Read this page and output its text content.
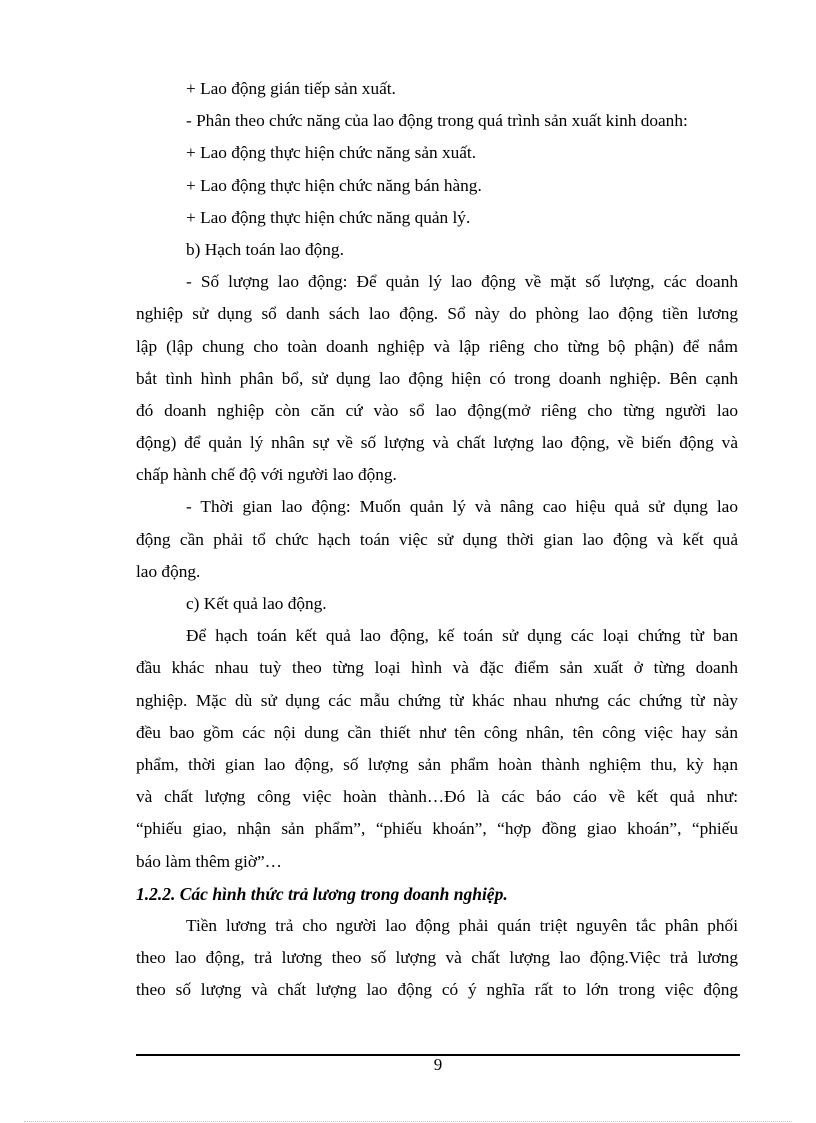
+ Lao động gián tiếp sản xuất.
- Phân theo chức năng của lao động trong quá trình sản xuất kinh doanh:
+ Lao động thực hiện chức năng sản xuất.
+ Lao động thực hiện chức năng bán hàng.
+ Lao động thực hiện chức năng quản lý.
b) Hạch toán lao động.
- Số lượng lao động: Để quản lý lao động về mặt số lượng, các doanh
nghiệp sử dụng sổ danh sách lao động. Sổ này do phòng lao động tiền lương
lập (lập chung cho toàn doanh nghiệp và lập riêng cho từng bộ phận) để nắm
bắt tình hình phân bổ, sử dụng lao động hiện có trong doanh nghiệp. Bên cạnh
đó doanh nghiệp còn căn cứ vào sổ lao động(mở riêng cho từng người lao
động) để quản lý nhân sự về số lượng và chất lượng lao động, về biến động và
chấp hành chế độ với người lao động.
- Thời gian lao động: Muốn quản lý và nâng cao hiệu quả sử dụng lao
động cần phải tổ chức hạch toán việc sử dụng thời gian lao động và kết quả
lao động.
c) Kết quả lao động.
Để hạch toán kết quả lao động, kế toán sử dụng các loại chứng từ ban
đầu khác nhau tuỳ theo từng loại hình và đặc điểm sản xuất ở từng doanh
nghiệp. Mặc dù sử dụng các mẫu chứng từ khác nhau nhưng các chứng từ này
đều bao gồm các nội dung cần thiết như tên công nhân, tên công việc hay sản
phẩm, thời gian lao động, số lượng sản phẩm hoàn thành nghiệm thu, kỳ hạn
và chất lượng công việc hoàn thành…Đó là các báo cáo về kết quả như:
“phiếu giao, nhận sản phẩm”, “phiếu khoán”, “hợp đồng giao khoán”, “phiếu
báo làm thêm giờ”…
1.2.2. Các hình thức trả lương trong doanh nghiệp.
Tiền lương trả cho người lao động phải quán triệt nguyên tắc phân phối
theo lao động, trả lương theo số lượng và chất lượng lao động.Việc trả lương
theo số lượng và chất lượng lao động có ý nghĩa rất to lớn trong việc động
9
